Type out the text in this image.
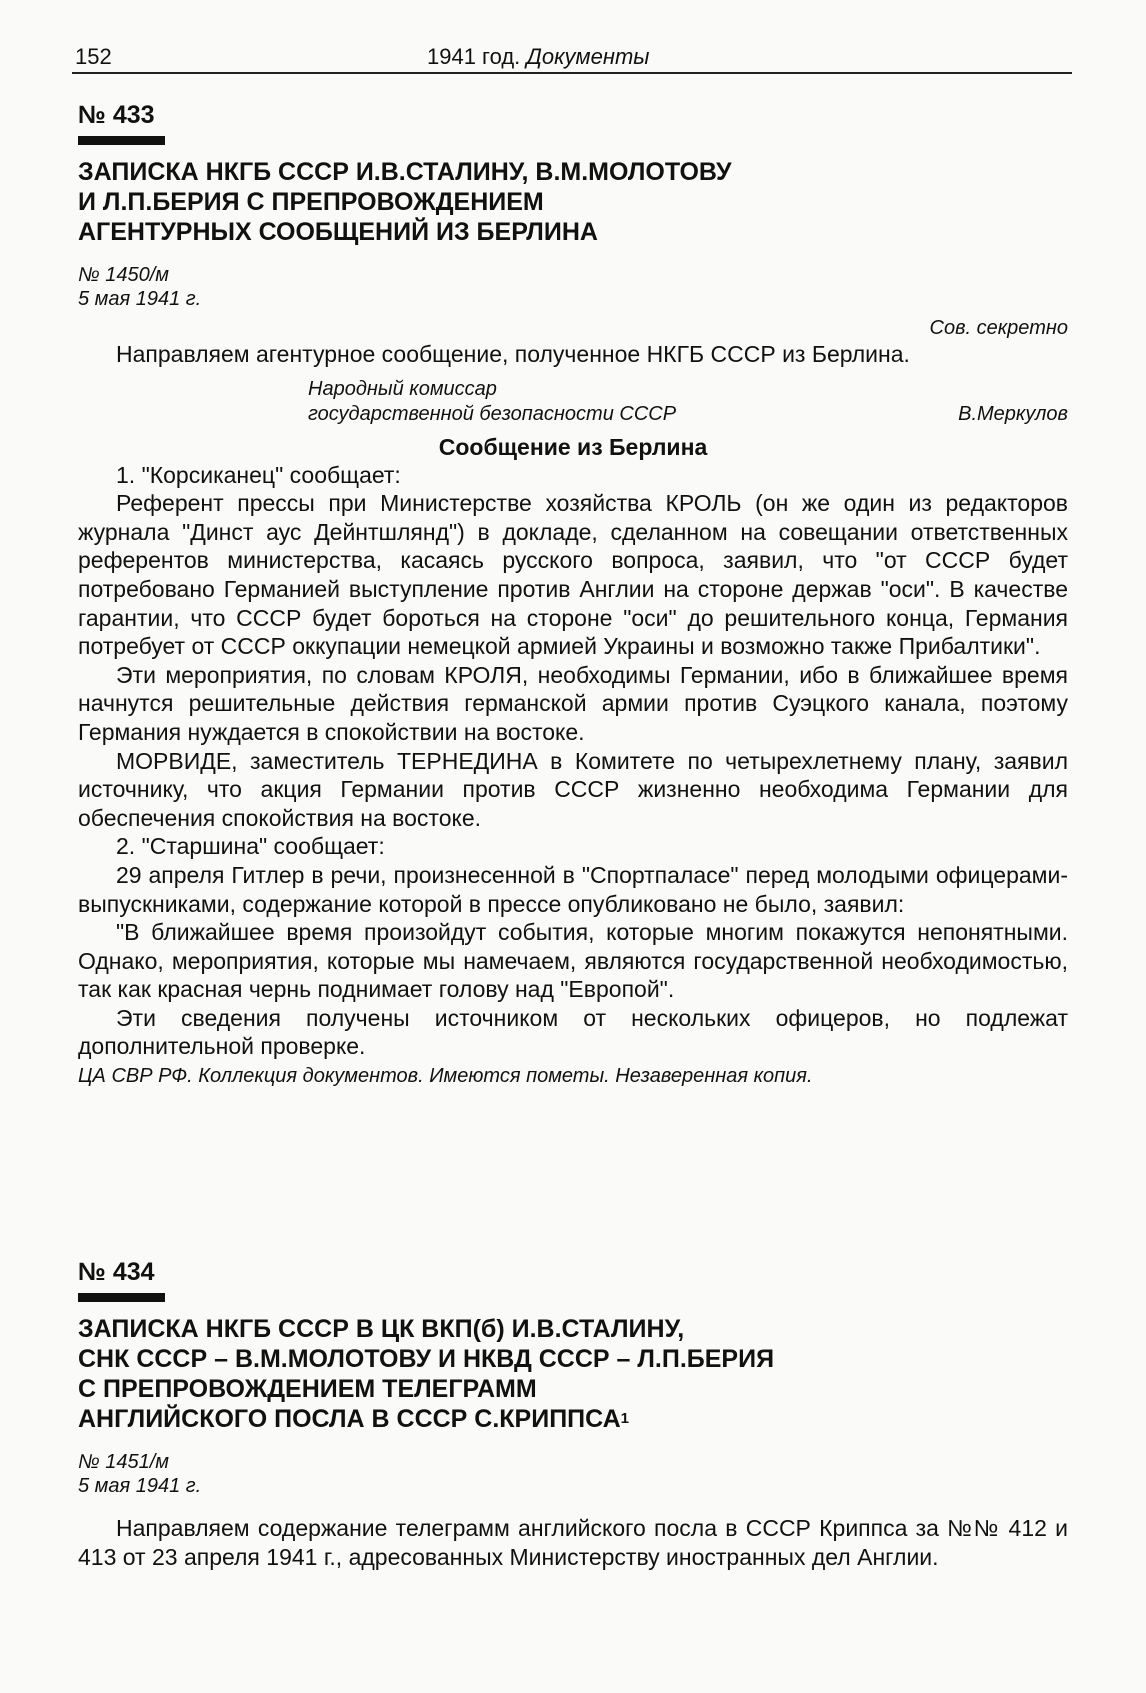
152	1941 год. Документы

№ 433

ЗАПИСКА НКГБ СССР И.В.СТАЛИНУ, В.М.МОЛОТОВУ
И Л.П.БЕРИЯ С ПРЕПРОВОЖДЕНИЕМ
АГЕНТУРНЫХ СООБЩЕНИЙ ИЗ БЕРЛИНА
№ 1450/м
5 мая 1941 г.
Сов. секретно

Направляем агентурное сообщение, полученное НКГБ СССР из Берлина.

Народный комиссар
государственной безопасности СССР	В.Меркулов
Сообщение из Берлина

1. "Корсиканец" сообщает:

Референт прессы при Министерстве хозяйства КРОЛЬ (он же один из редакторов журнала "Динст аус Дейнтшлянд") в докладе, сделанном на совещании ответственных референтов министерства, касаясь русского вопроса, заявил, что "от СССР будет потребовано Германией выступление против Англии на стороне держав "оси". В качестве гарантии, что СССР будет бороться на стороне "оси" до решительного конца, Германия потребует от СССР оккупации немецкой армией Украины и возможно также Прибалтики".

Эти мероприятия, по словам КРОЛЯ, необходимы Германии, ибо в ближайшее время начнутся решительные действия германской армии против Суэцкого канала, поэтому Германия нуждается в спокойствии на востоке.

МОРВИДЕ, заместитель ТЕРНЕДИНА в Комитете по четырехлетнему плану, заявил источнику, что акция Германии против СССР жизненно необходима Германии для обеспечения спокойствия на востоке.

2. "Старшина" сообщает:

29 апреля Гитлер в речи, произнесенной в "Спортпаласе" перед молодыми офицерами-выпускниками, содержание которой в прессе опубликовано не было, заявил:

"В ближайшее время произойдут события, которые многим покажутся непонятными. Однако, мероприятия, которые мы намечаем, являются государственной необходимостью, так как красная чернь поднимает голову над "Европой".

Эти сведения получены источником от нескольких офицеров, но подлежат дополнительной проверке.

ЦА СВР РФ. Коллекция документов. Имеются пометы. Незаверенная копия.

№ 434

ЗАПИСКА НКГБ СССР В ЦК ВКП(б) И.В.СТАЛИНУ,
СНК СССР – В.М.МОЛОТОВУ И НКВД СССР – Л.П.БЕРИЯ
С ПРЕПРОВОЖДЕНИЕМ ТЕЛЕГРАММ
АНГЛИЙСКОГО ПОСЛА В СССР С.КРИППСА$^1$
№ 1451/м
5 мая 1941 г.

Направляем содержание телеграмм английского посла в СССР Криппса за №№ 412 и 413 от 23 апреля 1941 г., адресованных Министерству иностранных дел Англии.
